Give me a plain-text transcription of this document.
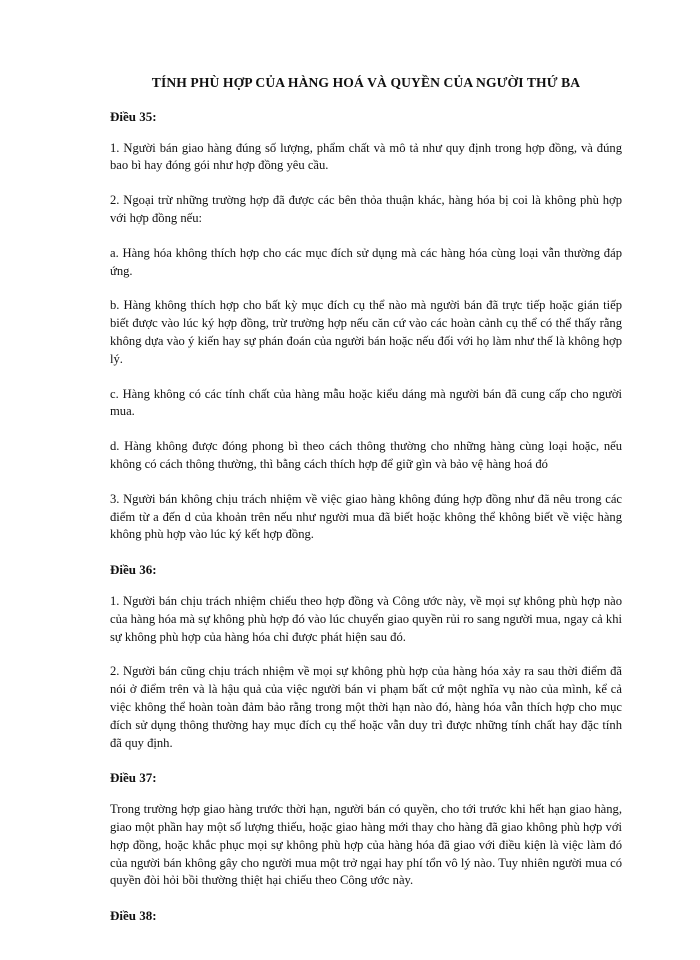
TÍNH PHÙ HỢP CỦA HÀNG HOÁ VÀ QUYỀN CỦA NGƯỜI THỨ BA
Điều 35:
1. Người bán giao hàng đúng số lượng, phẩm chất và mô tả như quy định trong hợp đồng, và đúng bao bì hay đóng gói như hợp đồng yêu cầu.
2. Ngoại trừ những trường hợp đã được các bên thỏa thuận khác, hàng hóa bị coi là không phù hợp với hợp đồng nếu:
a. Hàng hóa không thích hợp cho các mục đích sử dụng mà các hàng hóa cùng loại vẫn thường đáp ứng.
b. Hàng không thích hợp cho bất kỳ mục đích cụ thể nào mà người bán đã trực tiếp hoặc gián tiếp biết được vào lúc ký hợp đồng, trừ trường hợp nếu căn cứ vào các hoàn cảnh cụ thể có thể thấy rằng không dựa vào ý kiến hay sự phán đoán của người bán hoặc nếu đối với họ làm như thế là không hợp lý.
c. Hàng không có các tính chất của hàng mẫu hoặc kiểu dáng mà người bán đã cung cấp cho người mua.
d. Hàng không được đóng phong bì theo cách thông thường cho những hàng cùng loại hoặc, nếu không có cách thông thường, thì bằng cách thích hợp để giữ gìn và bảo vệ hàng hoá đó
3. Người bán không chịu trách nhiệm về việc giao hàng không đúng hợp đồng như đã nêu trong các điểm từ a đến d của khoản trên nếu như người mua đã biết hoặc không thể không biết về việc hàng không phù hợp vào lúc ký kết hợp đồng.
Điều 36:
1. Người bán chịu trách nhiệm chiếu theo hợp đồng và Công ước này, về mọi sự không phù hợp nào của hàng hóa mà sự không phù hợp đó vào lúc chuyển giao quyền rủi ro sang người mua, ngay cả khi sự không phù hợp của hàng hóa chỉ được phát hiện sau đó.
2. Người bán cũng chịu trách nhiệm về mọi sự không phù hợp của hàng hóa xảy ra sau thời điểm đã nói ở điểm trên và là hậu quả của việc người bán vi phạm bất cứ một nghĩa vụ nào của mình, kể cả việc không thể hoàn toàn đảm bảo rằng trong một thời hạn nào đó, hàng hóa vẫn thích hợp cho mục đích sử dụng thông thường hay mục đích cụ thể hoặc vẫn duy trì được những tính chất hay đặc tính đã quy định.
Điều 37:
Trong trường hợp giao hàng trước thời hạn, người bán có quyền, cho tới trước khi hết hạn giao hàng, giao một phần hay một số lượng thiếu, hoặc giao hàng mới thay cho hàng đã giao không phù hợp với hợp đồng, hoặc khắc phục mọi sự không phù hợp của hàng hóa đã giao với điều kiện là việc làm đó của người bán không gây cho người mua một trở ngại hay phí tổn vô lý nào. Tuy nhiên người mua có quyền đòi hỏi bồi thường thiệt hại chiếu theo Công ước này.
Điều 38:
